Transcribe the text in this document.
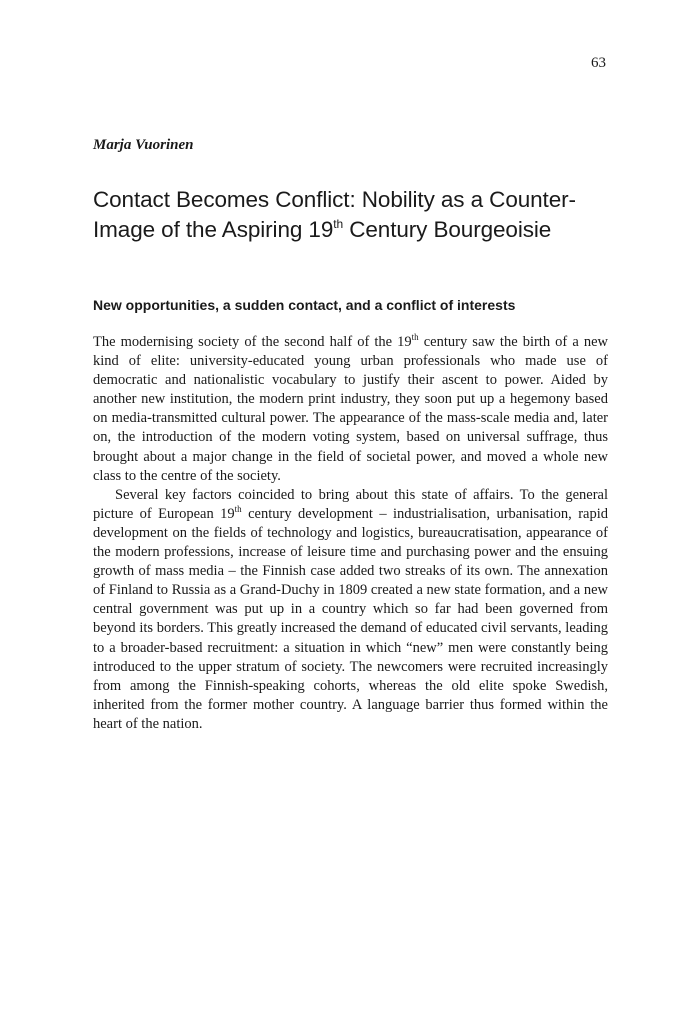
63
Marja Vuorinen
Contact Becomes Conflict: Nobility as a Counter-Image of the Aspiring 19th Century Bourgeoisie
New opportunities, a sudden contact, and a conflict of interests

The modernising society of the second half of the 19th century saw the birth of a new kind of elite: university-educated young urban professionals who made use of democratic and nationalistic vocabulary to justify their ascent to power. Aided by another new institution, the modern print industry, they soon put up a hegemony based on media-transmitted cultural power. The appearance of the mass-scale media and, later on, the introduction of the modern voting system, based on universal suffrage, thus brought about a major change in the field of societal power, and moved a whole new class to the centre of the society.

Several key factors coincided to bring about this state of affairs. To the general picture of European 19th century development – industrialisation, urbanisation, rapid development on the fields of technology and logistics, bureaucratisation, appearance of the modern professions, increase of leisure time and purchasing power and the ensuing growth of mass media – the Finnish case added two streaks of its own. The annexation of Finland to Russia as a Grand-Duchy in 1809 created a new state formation, and a new central government was put up in a country which so far had been governed from beyond its borders. This greatly increased the demand of educated civil servants, leading to a broader-based recruitment: a situation in which “new” men were constantly being introduced to the upper stratum of society. The newcomers were recruited increasingly from among the Finnish-speaking cohorts, whereas the old elite spoke Swedish, inherited from the former mother country. A language barrier thus formed within the heart of the nation.
